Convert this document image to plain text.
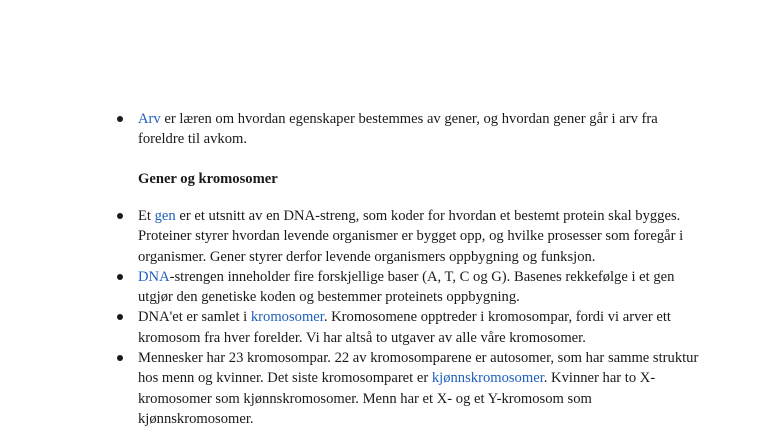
Arv er læren om hvordan egenskaper bestemmes av gener, og hvordan gener går i arv fra foreldre til avkom.
Gener og kromosomer
Et gen er et utsnitt av en DNA-streng, som koder for hvordan et bestemt protein skal bygges. Proteiner styrer hvordan levende organismer er bygget opp, og hvilke prosesser som foregår i organismer. Gener styrer derfor levende organismers oppbygning og funksjon.
DNA-strengen inneholder fire forskjellige baser (A, T, C og G). Basenes rekkefølge i et gen utgjør den genetiske koden og bestemmer proteinets oppbygning.
DNA'et er samlet i kromosomer. Kromosomene opptreder i kromosompar, fordi vi arver ett kromosom fra hver forelder. Vi har altså to utgaver av alle våre kromosomer.
Mennesker har 23 kromosompar. 22 av kromosomparene er autosomer, som har samme struktur hos menn og kvinner. Det siste kromosomparet er kjønnskromosomer. Kvinner har to X-kromosomer som kjønnskromosomer. Menn har et X- og et Y-kromosom som kjønnskromosomer.
